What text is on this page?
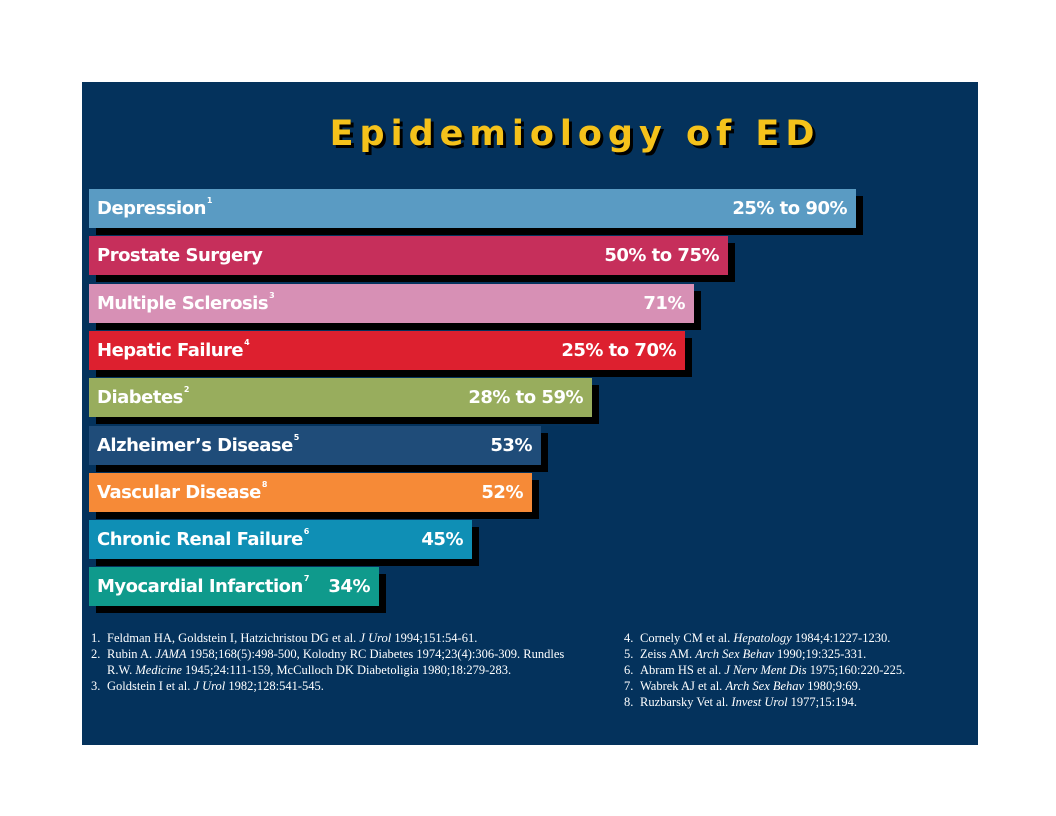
Epidemiology of ED
Depression$^1$	25% to 90%
Prostate Surgery	50% to 75%
Multiple Sclerosis$^3$	71%
Hepatic Failure$^4$	25% to 70%
Diabetes$^2$	28% to 59%
Alzheimer’s Disease$^5$	53%
Vascular Disease$^8$	52%
Chronic Renal Failure$^6$	45%
Myocardial Infarction$^7$ 34%
1. Feldman HA, Goldstein I, Hatzichristou DG et al. J Urol 1994;151:54-61.
2. Rubin A. JAMA 1958;168(5):498-500, Kolodny RC Diabetes 1974;23(4):306-309. Rundles R.W. Medicine 1945;24:111-159, McCulloch DK Diabetoligia 1980;18:279-283.
3. Goldstein I et al. J Urol 1982;128:541-545.
4. Cornely CM et al. Hepatology 1984;4:1227-1230.
5. Zeiss AM. Arch Sex Behav 1990;19:325-331.
6. Abram HS et al. J Nerv Ment Dis 1975;160:220-225.
7. Wabrek AJ et al. Arch Sex Behav 1980;9:69.
8. Ruzbarsky Vet al. Invest Urol 1977;15:194.
